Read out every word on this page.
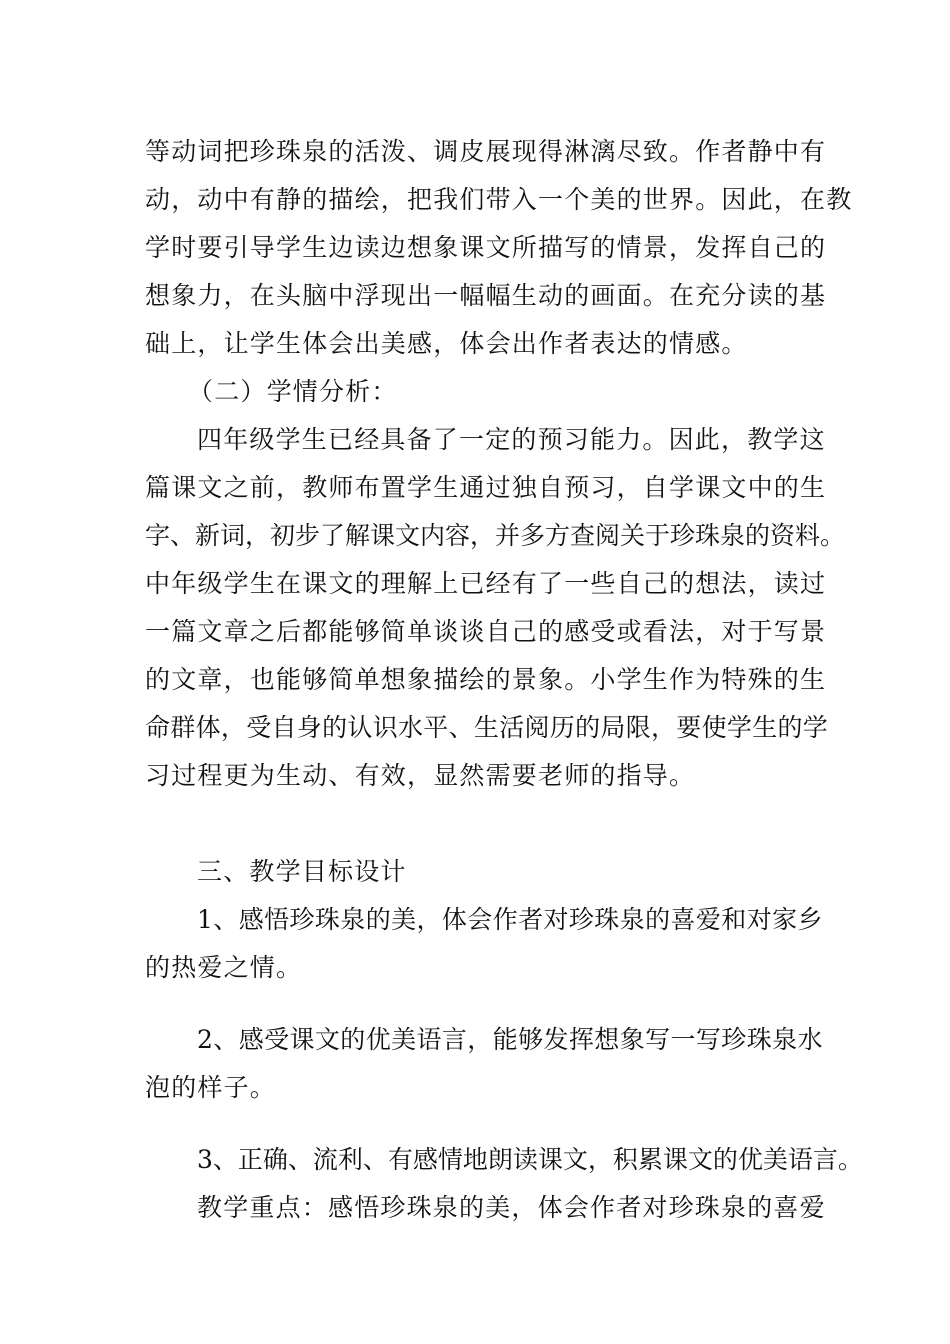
等动词把珍珠泉的活泼、调皮展现得淋漓尽致。作者静中有
动，动中有静的描绘，把我们带入一个美的世界。因此，在教
学时要引导学生边读边想象课文所描写的情景，发挥自己的
想象力，在头脑中浮现出一幅幅生动的画面。在充分读的基
础上，让学生体会出美感，体会出作者表达的情感。
（二）学情分析：
四年级学生已经具备了一定的预习能力。因此，教学这
篇课文之前，教师布置学生通过独自预习，自学课文中的生
字、新词，初步了解课文内容，并多方查阅关于珍珠泉的资料。
中年级学生在课文的理解上已经有了一些自己的想法，读过
一篇文章之后都能够简单谈谈自己的感受或看法，对于写景
的文章，也能够简单想象描绘的景象。小学生作为特殊的生
命群体，受自身的认识水平、生活阅历的局限，要使学生的学
习过程更为生动、有效，显然需要老师的指导。
三、教学目标设计
1、感悟珍珠泉的美，体会作者对珍珠泉的喜爱和对家乡
的热爱之情。
2、感受课文的优美语言，能够发挥想象写一写珍珠泉水
泡的样子。
3、正确、流利、有感情地朗读课文，积累课文的优美语言。
教学重点：感悟珍珠泉的美，体会作者对珍珠泉的喜爱
